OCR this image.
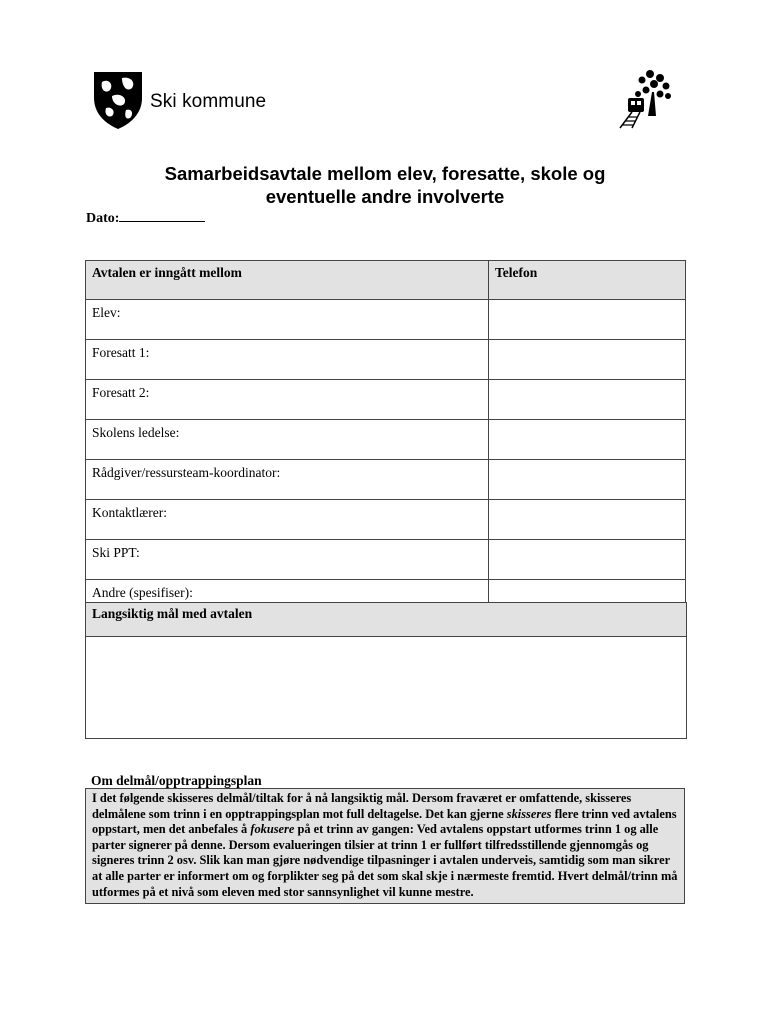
Ski kommune
Samarbeidsavtale mellom elev, foresatte, skole og
eventuelle andre involverte
Dato:
Avtalen er inngått mellom	Telefon
Elev:	
Foresatt 1:	
Foresatt 2:	
Skolens ledelse:	
Rådgiver/ressursteam-koordinator:	
Kontaktlærer:	
Ski PPT:	
Andre (spesifiser):	
Langsiktig mål med avtalen
Om delmål/opptrappingsplan
I det følgende skisseres delmål/tiltak for å nå langsiktig mål. Dersom fraværet er omfattende, skisseres delmålene som trinn i en opptrappingsplan mot full deltagelse. Det kan gjerne skisseres flere trinn ved avtalens oppstart, men det anbefales å fokusere på et trinn av gangen: Ved avtalens oppstart utformes trinn 1 og alle parter signerer på denne. Dersom evalueringen tilsier at trinn 1 er fullført tilfredsstillende gjennomgås og signeres trinn 2 osv. Slik kan man gjøre nødvendige tilpasninger i avtalen underveis, samtidig som man sikrer at alle parter er informert om og forplikter seg på det som skal skje i nærmeste fremtid. Hvert delmål/trinn må utformes på et nivå som eleven med stor sannsynlighet vil kunne mestre.
